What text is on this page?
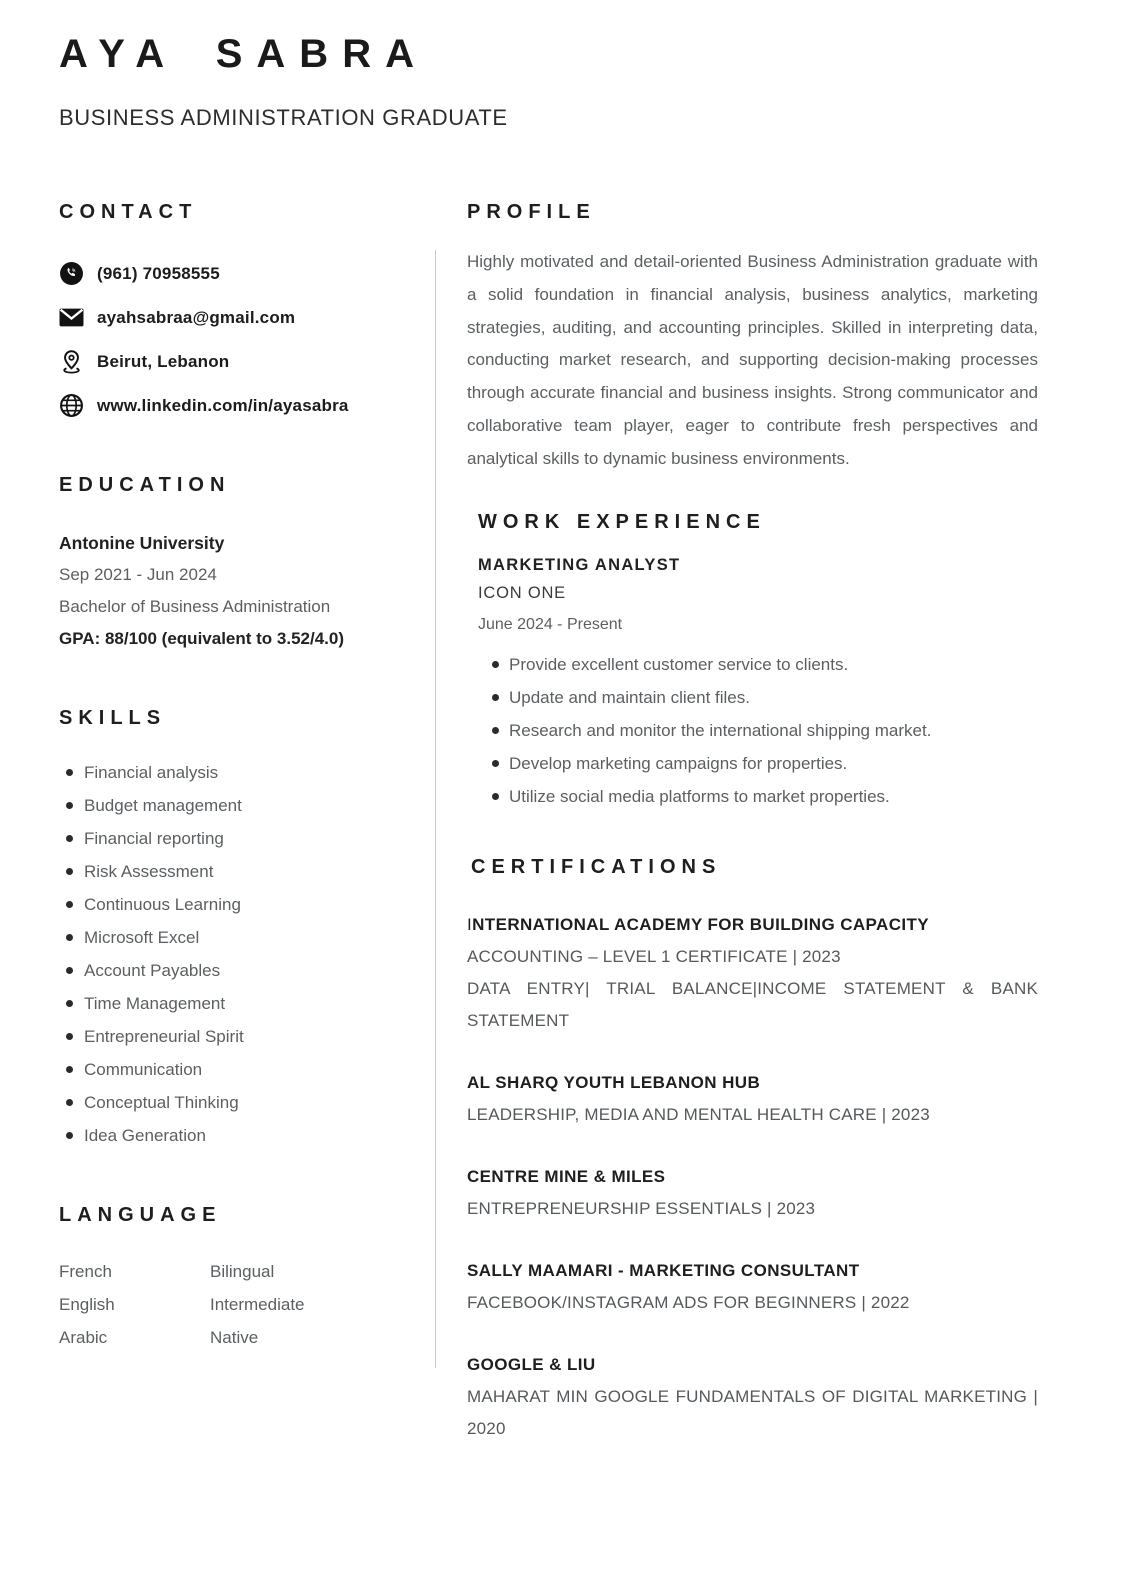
AYA SABRA
BUSINESS ADMINISTRATION GRADUATE
CONTACT
(961) 70958555
ayahsabraa@gmail.com
Beirut, Lebanon
www.linkedin.com/in/ayasabra
EDUCATION
Antonine University
Sep 2021 - Jun 2024
Bachelor of Business Administration
GPA: 88/100 (equivalent to 3.52/4.0)
SKILLS
Financial analysis
Budget management
Financial reporting
Risk Assessment
Continuous Learning
Microsoft Excel
Account Payables
Time Management
Entrepreneurial Spirit
Communication
Conceptual Thinking
Idea Generation
LANGUAGE
French	Bilingual
English	Intermediate
Arabic	Native
PROFILE
Highly motivated and detail-oriented Business Administration graduate with a solid foundation in financial analysis, business analytics, marketing strategies, auditing, and accounting principles. Skilled in interpreting data, conducting market research, and supporting decision-making processes through accurate financial and business insights. Strong communicator and collaborative team player, eager to contribute fresh perspectives and analytical skills to dynamic business environments.
WORK EXPERIENCE
MARKETING ANALYST
ICON ONE
June 2024 - Present
Provide excellent customer service to clients.
Update and maintain client files.
Research and monitor the international shipping market.
Develop marketing campaigns for properties.
Utilize social media platforms to market properties.
CERTIFICATIONS
INTERNATIONAL ACADEMY FOR BUILDING CAPACITY
ACCOUNTING – LEVEL 1 CERTIFICATE | 2023
DATA ENTRY| TRIAL BALANCE|INCOME STATEMENT & BANK STATEMENT
AL SHARQ YOUTH LEBANON HUB
LEADERSHIP, MEDIA AND MENTAL HEALTH CARE | 2023
CENTRE MINE & MILES
ENTREPRENEURSHIP ESSENTIALS | 2023
SALLY MAAMARI - MARKETING CONSULTANT
FACEBOOK/INSTAGRAM ADS FOR BEGINNERS | 2022
GOOGLE & LIU
MAHARAT MIN GOOGLE FUNDAMENTALS OF DIGITAL MARKETING | 2020
